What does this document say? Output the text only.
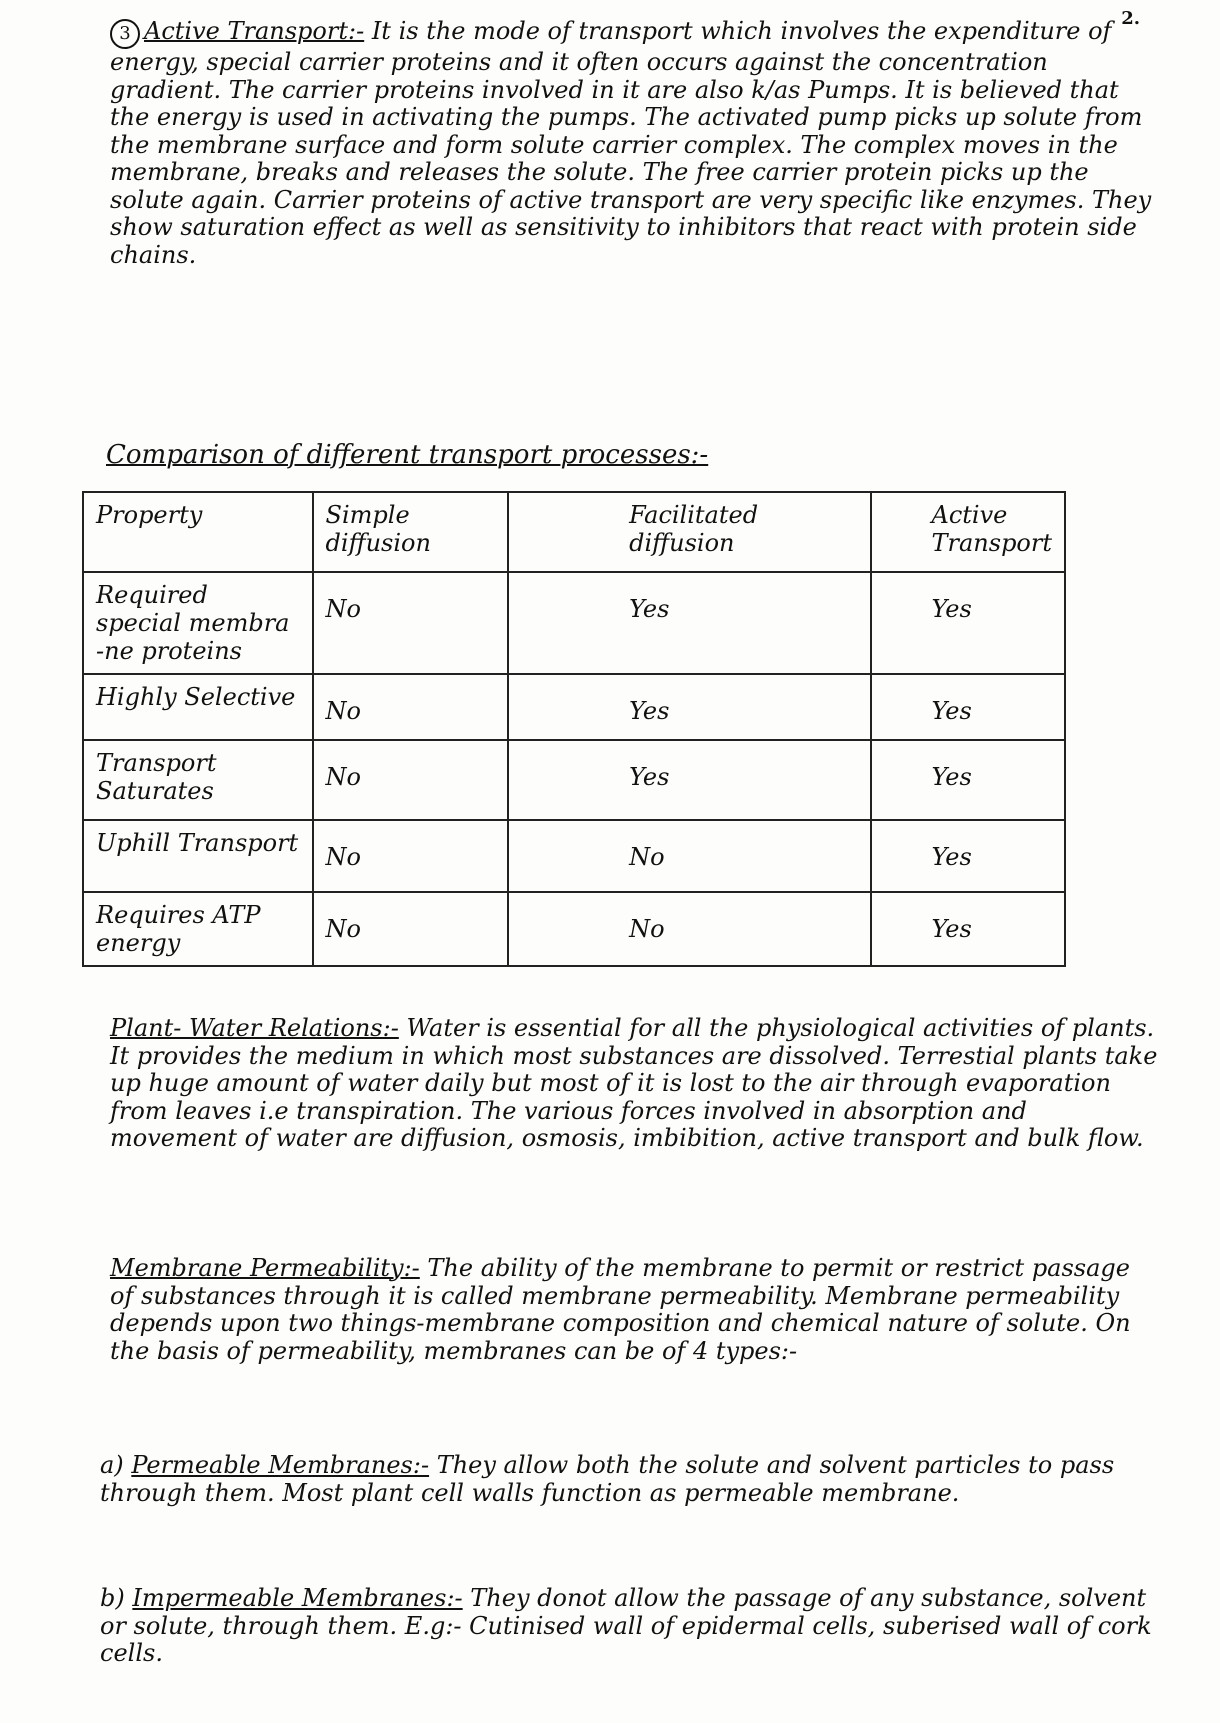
2.
3 Active Transport:- It is the mode of transport which involves the expenditure of energy, special carrier proteins and it often occurs against the concentration gradient. The carrier proteins involved in it are also k/as Pumps. It is believed that the energy is used in activating the pumps. The activated pump picks up solute from the membrane surface and form solute carrier complex. The complex moves in the membrane, breaks and releases the solute. The free carrier protein picks up the solute again. Carrier proteins of active transport are very specific like enzymes. They show saturation effect as well as sensitivity to inhibitors that react with protein side chains.
Comparison of different transport processes:-
Property	Simple diffusion	Facilitated diffusion	Active Transport
Required special membra -ne proteins	No	Yes	Yes
Highly Selective	No	Yes	Yes
Transport Saturates	No	Yes	Yes
Uphill Transport	No	No	Yes
Requires ATP energy	No	No	Yes
Plant- Water Relations:- Water is essential for all the physiological activities of plants. It provides the medium in which most substances are dissolved. Terrestial plants take up huge amount of water daily but most of it is lost to the air through evaporation from leaves i.e transpiration. The various forces involved in absorption and movement of water are diffusion, osmosis, imbibition, active transport and bulk flow.
Membrane Permeability:- The ability of the membrane to permit or restrict passage of substances through it is called membrane permeability. Membrane permeability depends upon two things-membrane composition and chemical nature of solute. On the basis of permeability, membranes can be of 4 types:-
a) Permeable Membranes:- They allow both the solute and solvent particles to pass through them. Most plant cell walls function as permeable membrane.
b) Impermeable Membranes:- They donot allow the passage of any substance, solvent or solute, through them. E.g:- Cutinised wall of epidermal cells, suberised wall of cork cells.
